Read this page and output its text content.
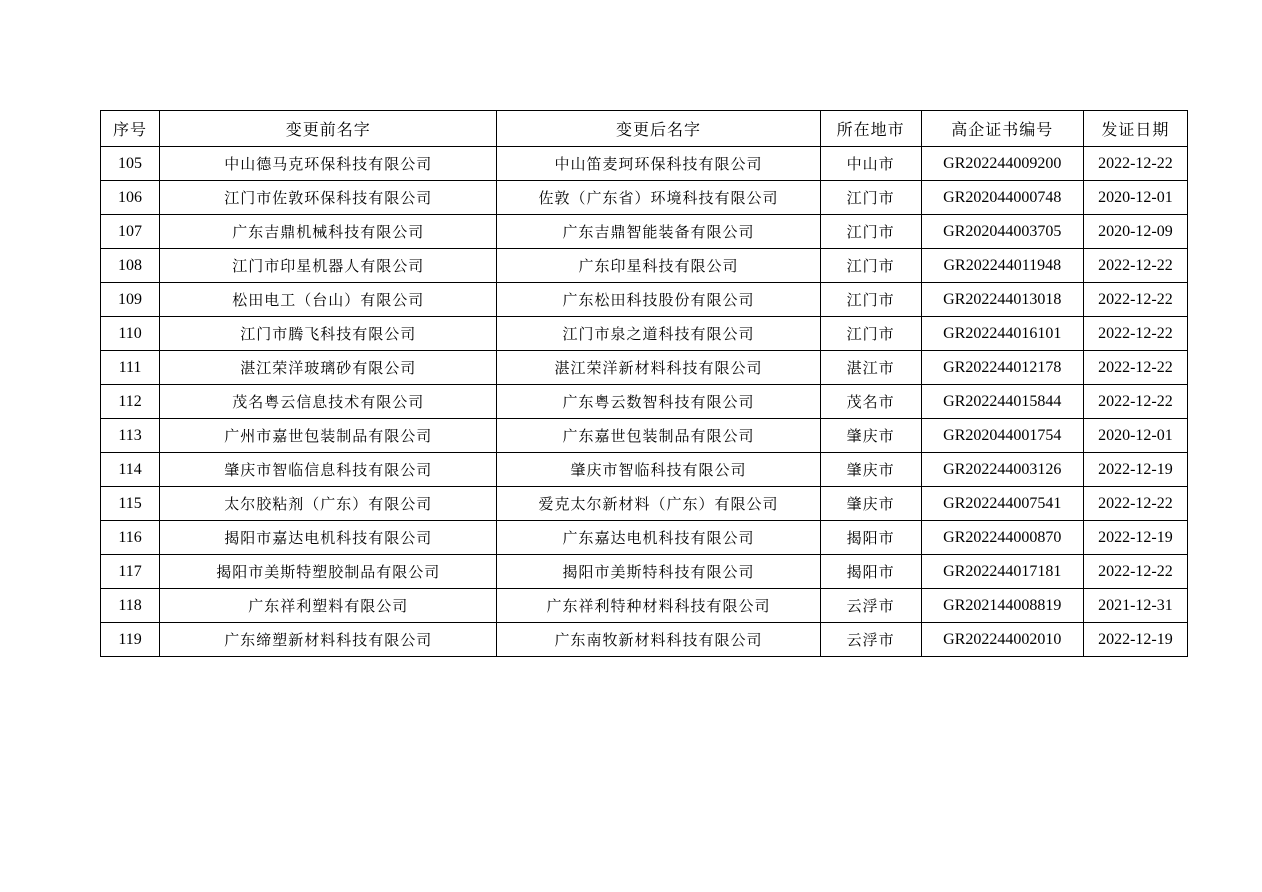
序号	变更前名字	变更后名字	所在地市	高企证书编号	发证日期
105	中山德马克环保科技有限公司	中山笛麦珂环保科技有限公司	中山市	GR202244009200	2022-12-22
106	江门市佐敦环保科技有限公司	佐敦（广东省）环境科技有限公司	江门市	GR202044000748	2020-12-01
107	广东吉鼎机械科技有限公司	广东吉鼎智能装备有限公司	江门市	GR202044003705	2020-12-09
108	江门市印星机器人有限公司	广东印星科技有限公司	江门市	GR202244011948	2022-12-22
109	松田电工（台山）有限公司	广东松田科技股份有限公司	江门市	GR202244013018	2022-12-22
110	江门市腾飞科技有限公司	江门市泉之道科技有限公司	江门市	GR202244016101	2022-12-22
111	湛江荣洋玻璃砂有限公司	湛江荣洋新材料科技有限公司	湛江市	GR202244012178	2022-12-22
112	茂名粤云信息技术有限公司	广东粤云数智科技有限公司	茂名市	GR202244015844	2022-12-22
113	广州市嘉世包装制品有限公司	广东嘉世包装制品有限公司	肇庆市	GR202044001754	2020-12-01
114	肇庆市智临信息科技有限公司	肇庆市智临科技有限公司	肇庆市	GR202244003126	2022-12-19
115	太尔胶粘剂（广东）有限公司	爱克太尔新材料（广东）有限公司	肇庆市	GR202244007541	2022-12-22
116	揭阳市嘉达电机科技有限公司	广东嘉达电机科技有限公司	揭阳市	GR202244000870	2022-12-19
117	揭阳市美斯特塑胶制品有限公司	揭阳市美斯特科技有限公司	揭阳市	GR202244017181	2022-12-22
118	广东祥利塑料有限公司	广东祥利特种材料科技有限公司	云浮市	GR202144008819	2021-12-31
119	广东缔塑新材料科技有限公司	广东南牧新材料科技有限公司	云浮市	GR202244002010	2022-12-19
